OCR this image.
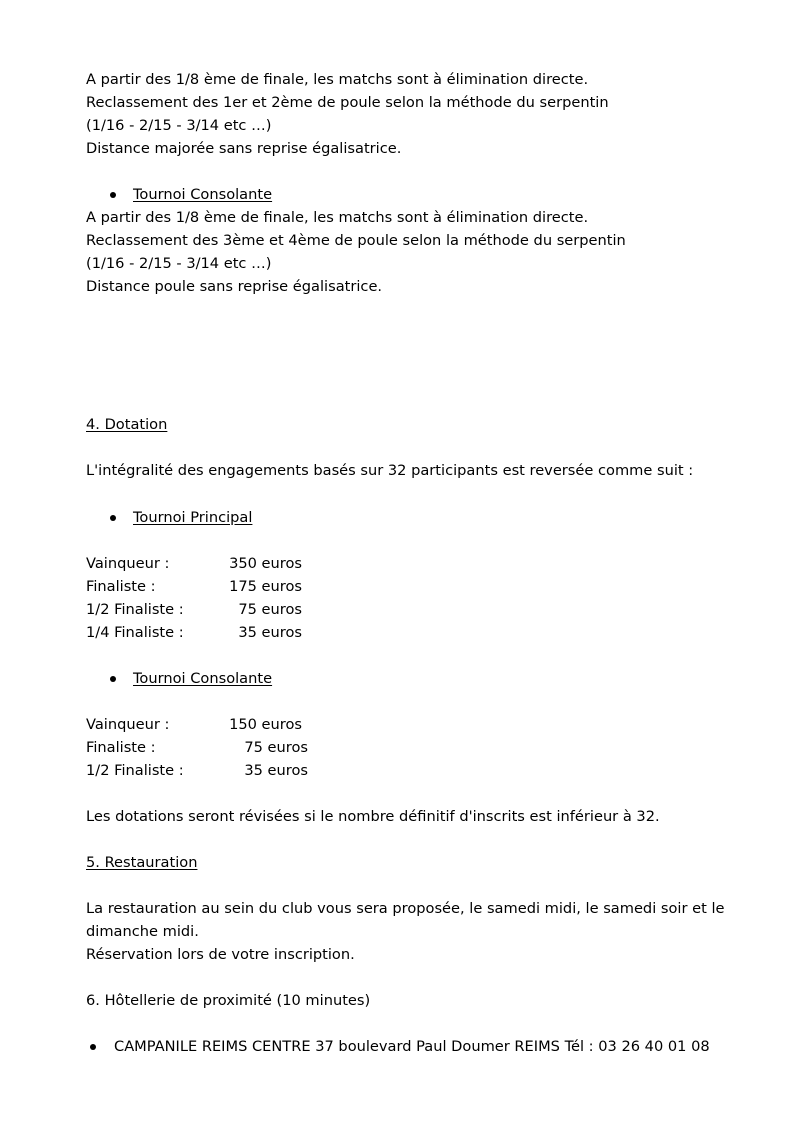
A partir des 1/8 ème de finale, les matchs sont à élimination directe.
Reclassement des 1er et 2ème de poule selon la méthode du serpentin
(1/16 - 2/15 - 3/14 etc …)
Distance majorée sans reprise égalisatrice.
Tournoi Consolante
A partir des 1/8 ème de finale, les matchs sont à élimination directe.
Reclassement des 3ème et 4ème de poule selon la méthode du serpentin
(1/16 - 2/15 - 3/14 etc …)
Distance poule sans reprise égalisatrice.
4. Dotation
L'intégralité des engagements basés sur 32 participants est reversée comme suit :
Tournoi Principal
Vainqueur :	350 euros
Finaliste :	175 euros
1/2 Finaliste :	75 euros
1/4 Finaliste :	35 euros
Tournoi Consolante
Vainqueur :	150 euros
Finaliste :	75 euros
1/2 Finaliste :	35 euros
Les dotations seront révisées si le nombre définitif d'inscrits est inférieur à 32.
5. Restauration
La restauration au sein du club vous sera proposée, le samedi midi, le samedi soir et le
dimanche midi.
Réservation lors de votre inscription.
6. Hôtellerie de proximité (10 minutes)
CAMPANILE REIMS CENTRE 37 boulevard Paul Doumer REIMS Tél : 03 26 40 01 08
